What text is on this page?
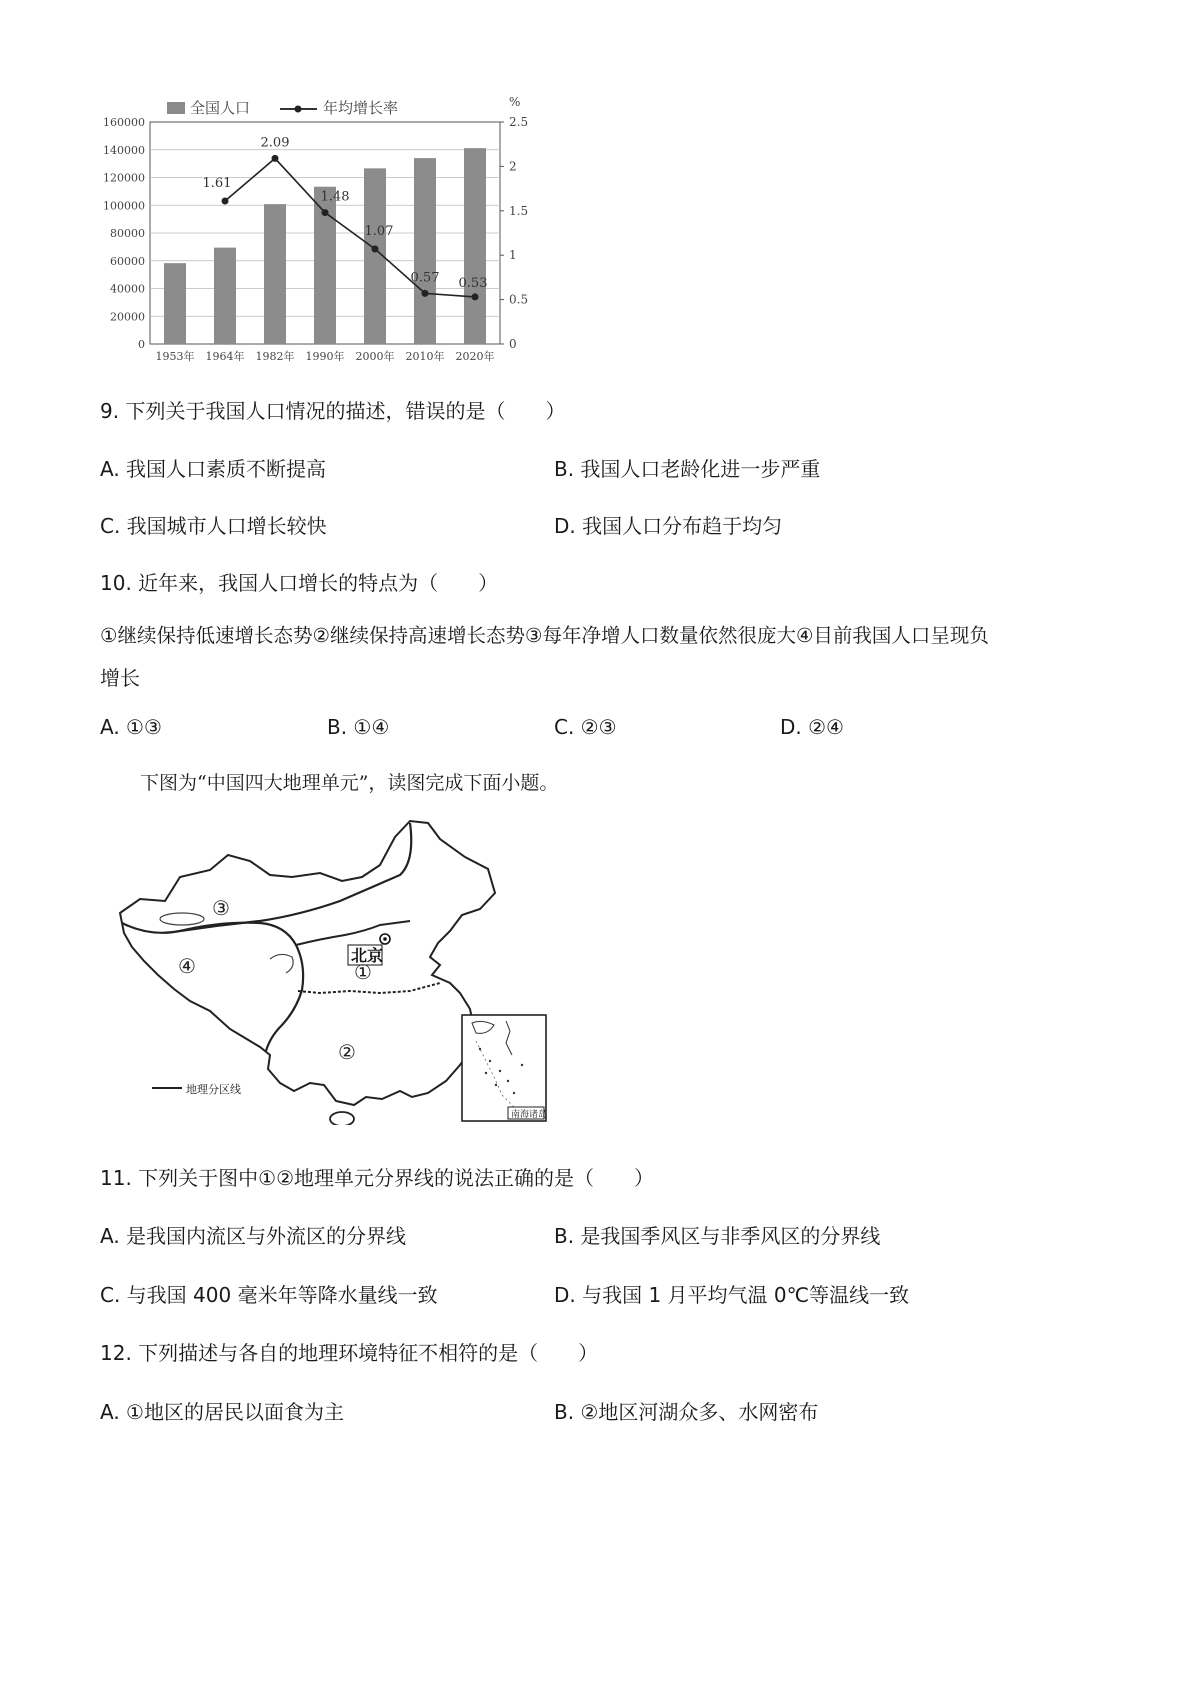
全国人口	年均增长率	%
1.61
2.09
1.48
1.07
0.57 0.53
0
20000
40000
60000
80000
100000
120000
140000
160000
0
0.5
1
1.5
2
2.5
1953年 1964年 1982年 1990年 2000年 2010年 2020年
9. 下列关于我国人口情况的描述，错误的是（　　）
A. 我国人口素质不断提高	B. 我国人口老龄化进一步严重
C. 我国城市人口增长较快	D. 我国人口分布趋于均匀
10. 近年来，我国人口增长的特点为（　　）
①继续保持低速增长态势②继续保持高速增长态势③每年净增人口数量依然很庞大④目前我国人口呈现负
增长
A. ①③	B. ①④	C. ②③	D. ②④
下图为“中国四大地理单元”，读图完成下面小题。
北京
①
②
③
④
地理分区线
南海诸岛
11. 下列关于图中①②地理单元分界线的说法正确的是（　　）
A. 是我国内流区与外流区的分界线	B. 是我国季风区与非季风区的分界线
C. 与我国 400 毫米年等降水量线一致	D. 与我国 1 月平均气温 0℃等温线一致
12. 下列描述与各自的地理环境特征不相符的是（　　）
A. ①地区的居民以面食为主	B. ②地区河湖众多、水网密布
